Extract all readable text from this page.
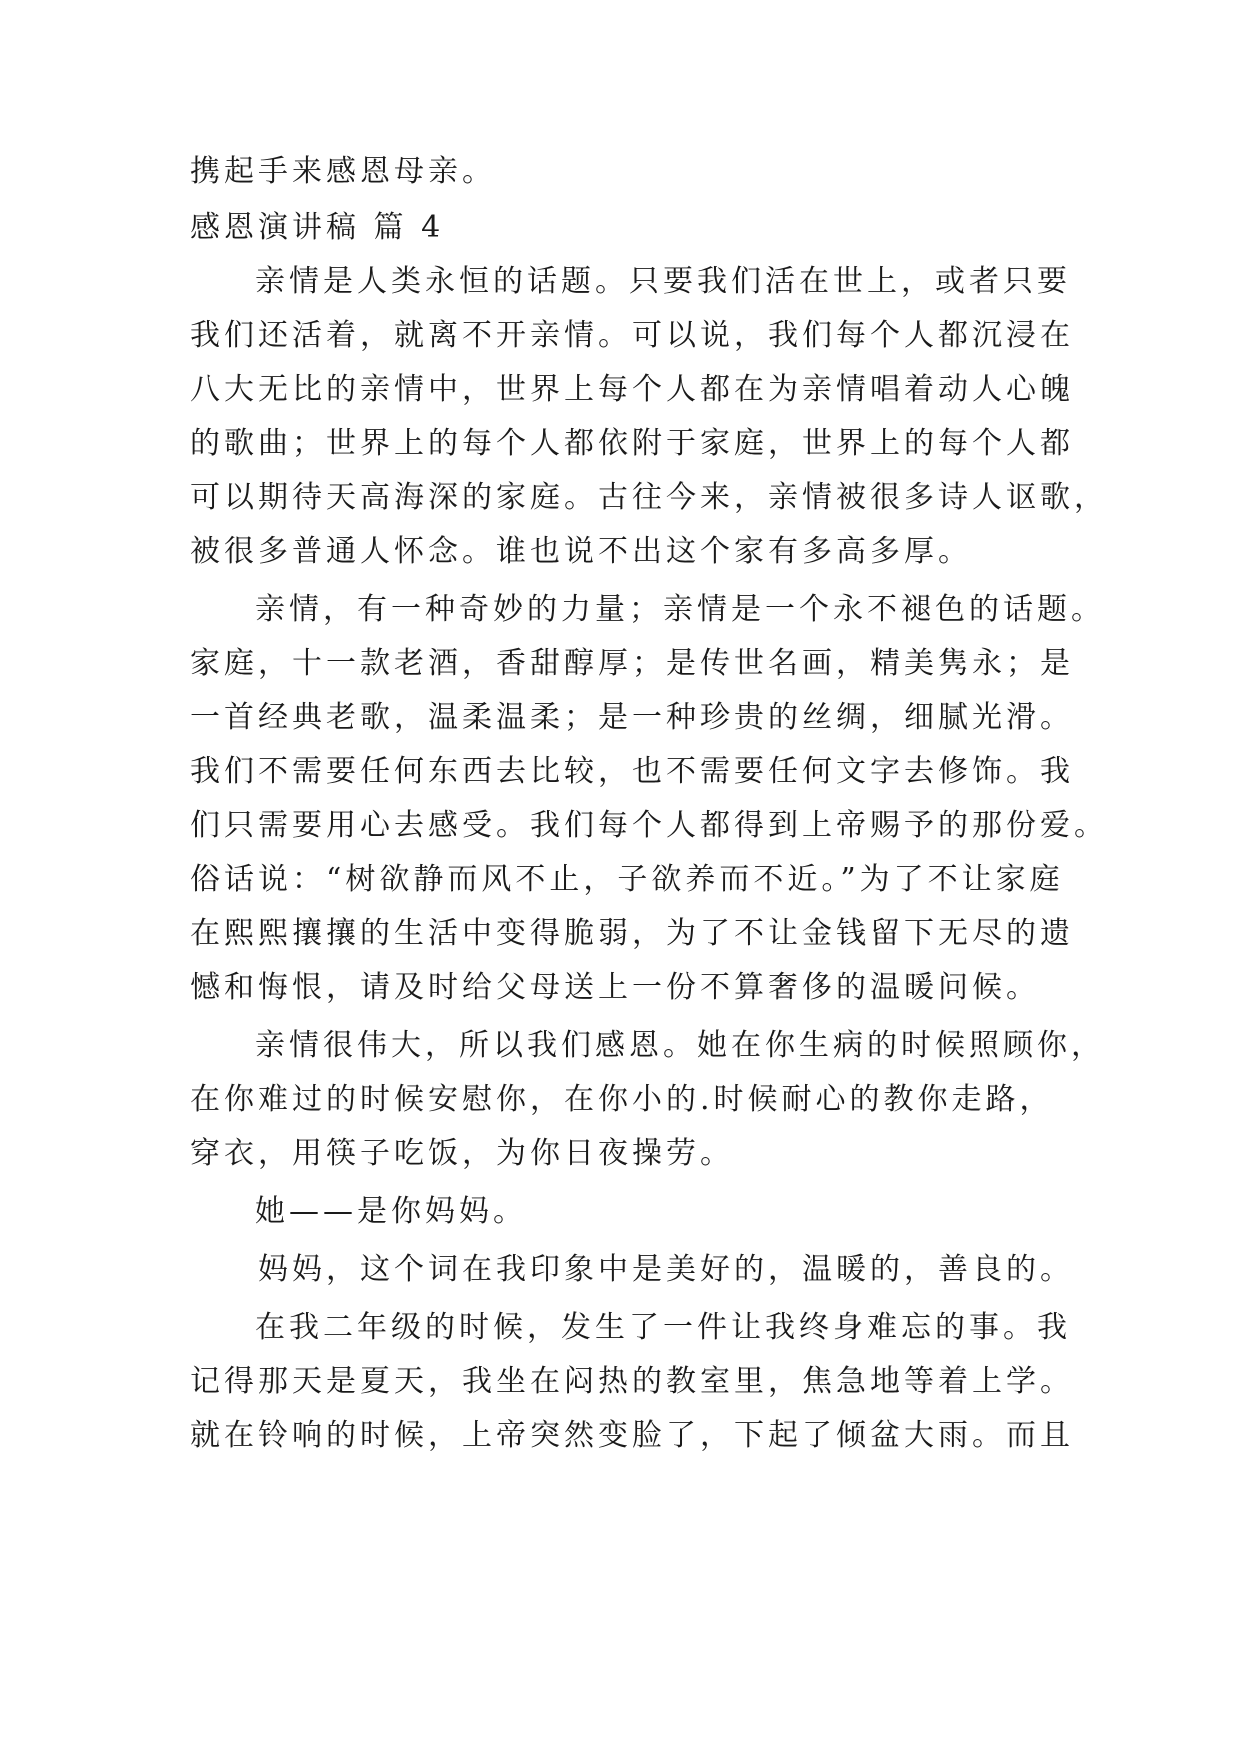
携起手来感恩母亲。
感恩演讲稿 篇 4
亲情是人类永恒的话题。只要我们活在世上，或者只要
我们还活着，就离不开亲情。可以说，我们每个人都沉浸在
八大无比的亲情中，世界上每个人都在为亲情唱着动人心魄
的歌曲；世界上的每个人都依附于家庭，世界上的每个人都
可以期待天高海深的家庭。古往今来，亲情被很多诗人讴歌，
被很多普通人怀念。谁也说不出这个家有多高多厚。
亲情，有一种奇妙的力量；亲情是一个永不褪色的话题。
家庭，十一款老酒，香甜醇厚；是传世名画，精美隽永；是
一首经典老歌，温柔温柔；是一种珍贵的丝绸，细腻光滑。
我们不需要任何东西去比较，也不需要任何文字去修饰。我
们只需要用心去感受。我们每个人都得到上帝赐予的那份爱。
俗话说：“树欲静而风不止，子欲养而不近。”为了不让家庭
在熙熙攘攘的生活中变得脆弱，为了不让金钱留下无尽的遗
憾和悔恨，请及时给父母送上一份不算奢侈的温暖问候。
亲情很伟大，所以我们感恩。她在你生病的时候照顾你，
在你难过的时候安慰你，在你小的.时候耐心的教你走路，
穿衣，用筷子吃饭，为你日夜操劳。
她——是你妈妈。
妈妈，这个词在我印象中是美好的，温暖的，善良的。
在我二年级的时候，发生了一件让我终身难忘的事。我
记得那天是夏天，我坐在闷热的教室里，焦急地等着上学。
就在铃响的时候，上帝突然变脸了，下起了倾盆大雨。而且
